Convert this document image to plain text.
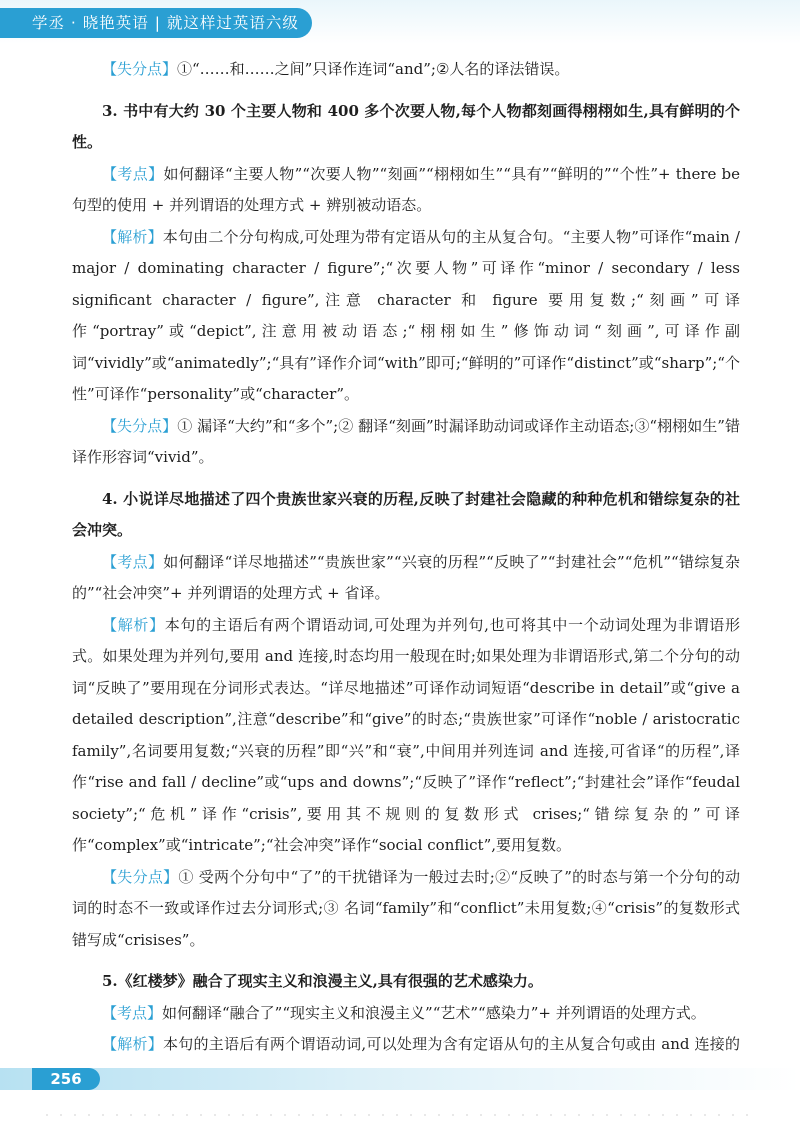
学丞 · 晓艳英语 | 就这样过英语六级

【失分点】①“……和……之间”只译作连词“and”;②人名的译法错误。

3. 书中有大约 30 个主要人物和 400 多个次要人物,每个人物都刻画得栩栩如生,具有鲜明的个性。

【考点】如何翻译“主要人物”“次要人物”“刻画”“栩栩如生”“具有”“鲜明的”“个性”+ there be 句型的使用 + 并列谓语的处理方式 + 辨别被动语态。

【解析】本句由二个分句构成,可处理为带有定语从句的主从复合句。“主要人物”可译作“main / major / dominating character / figure”;“次要人物”可译作“minor / secondary / less significant character / figure”,注意 character 和 figure 要用复数;“刻画”可译作“portray”或“depict”,注意用被动语态;“栩栩如生”修饰动词“刻画”,可译作副词“vividly”或“animatedly”;“具有”译作介词“with”即可;“鲜明的”可译作“distinct”或“sharp”;“个性”可译作“personality”或“character”。

【失分点】① 漏译“大约”和“多个”;② 翻译“刻画”时漏译助动词或译作主动语态;③“栩栩如生”错译作形容词“vivid”。

4. 小说详尽地描述了四个贵族世家兴衰的历程,反映了封建社会隐藏的种种危机和错综复杂的社会冲突。

【考点】如何翻译“详尽地描述”“贵族世家”“兴衰的历程”“反映了”“封建社会”“危机”“错综复杂的”“社会冲突”+ 并列谓语的处理方式 + 省译。

【解析】本句的主语后有两个谓语动词,可处理为并列句,也可将其中一个动词处理为非谓语形式。如果处理为并列句,要用 and 连接,时态均用一般现在时;如果处理为非谓语形式,第二个分句的动词“反映了”要用现在分词形式表达。“详尽地描述”可译作动词短语“describe in detail”或“give a detailed description”,注意“describe”和“give”的时态;“贵族世家”可译作“noble / aristocratic family”,名词要用复数;“兴衰的历程”即“兴”和“衰”,中间用并列连词 and 连接,可省译“的历程”,译作“rise and fall / decline”或“ups and downs”;“反映了”译作“reflect”;“封建社会”译作“feudal society”;“危机”译作“crisis”,要用其不规则的复数形式 crises;“错综复杂的”可译作“complex”或“intricate”;“社会冲突”译作“social conflict”,要用复数。

【失分点】① 受两个分句中“了”的干扰错译为一般过去时;②“反映了”的时态与第一个分句的动词的时态不一致或译作过去分词形式;③ 名词“family”和“conflict”未用复数;④“crisis”的复数形式错写成“crisises”。

5.《红楼梦》融合了现实主义和浪漫主义,具有很强的艺术感染力。

【考点】如何翻译“融合了”“现实主义和浪漫主义”“艺术”“感染力”+ 并列谓语的处理方式。

【解析】本句的主语后有两个谓语动词,可以处理为含有定语从句的主从复合句或由 and 连接的

256
